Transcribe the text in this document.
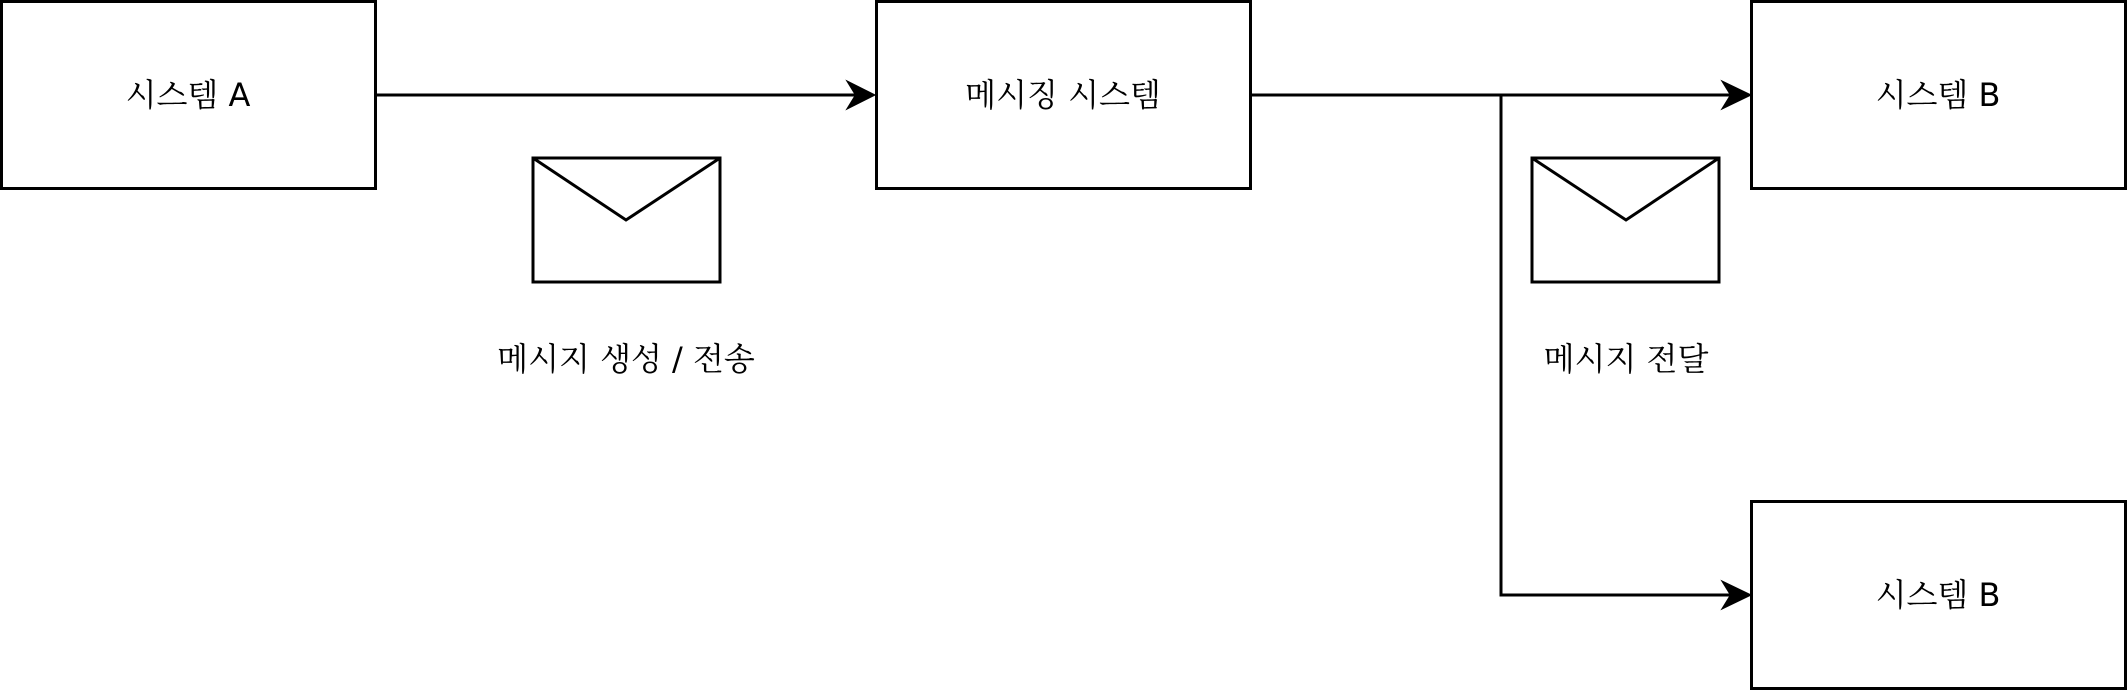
시스템 A	메시징 시스템	시스템 B
시스템 B
메시지 생성 / 전송	메시지 전달
